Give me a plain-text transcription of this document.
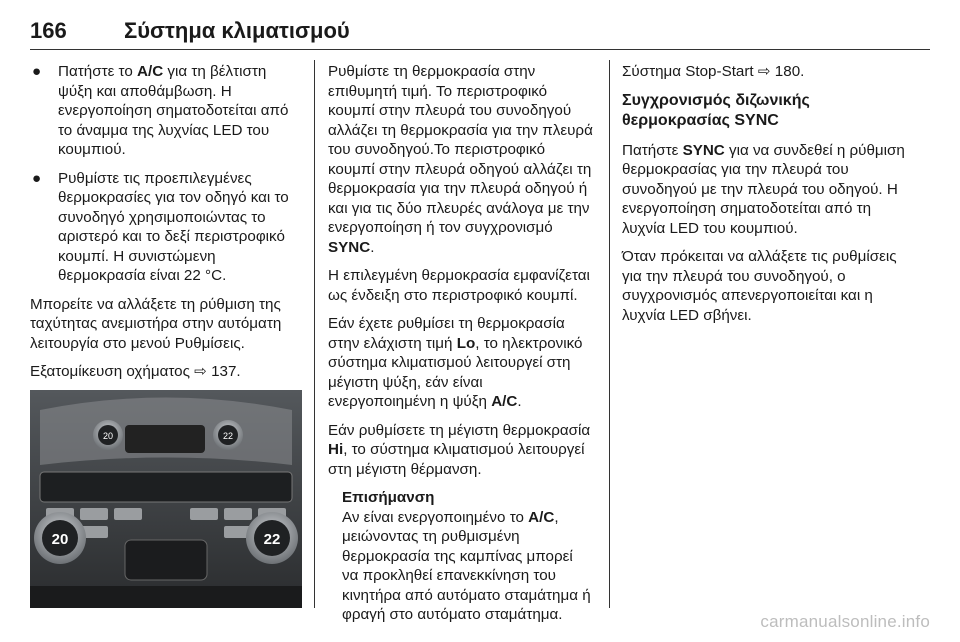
166	Σύστημα κλιματισμού
● Πατήστε το A/C για τη βέλτιστη ψύξη και αποθάμβωση. Η ενεργοποίηση σηματοδοτείται από το άναμμα της λυχνίας LED του κουμπιού.
● Ρυθμίστε τις προεπιλεγμένες θερμοκρασίες για τον οδηγό και το συνοδηγό χρησιμοποιώντας το αριστερό και το δεξί περιστροφικό κουμπί. Η συνιστώμενη θερμοκρασία είναι 22 °C.

Μπορείτε να αλλάξετε τη ρύθμιση της ταχύτητας ανεμιστήρα στην αυτόματη λειτουργία στο μενού Ρυθμίσεις.

Εξατομίκευση οχήματος ⇨ 137.

20	22
20	22

Ρυθμίστε τη θερμοκρασία στην επιθυμητή τιμή. Το περιστροφικό κουμπί στην πλευρά του συνοδηγού αλλάζει τη θερμοκρασία για την πλευρά του συνοδηγού.Το περιστροφικό κουμπί στην πλευρά οδηγού αλλάζει τη θερμοκρασία για την πλευρά οδηγού ή και για τις δύο πλευρές ανάλογα με την ενεργοποίηση ή τον συγχρονισμό SYNC.

Η επιλεγμένη θερμοκρασία εμφανίζεται ως ένδειξη στο περιστροφικό κουμπί.

Εάν έχετε ρυθμίσει τη θερμοκρασία στην ελάχιστη τιμή Lo, το ηλεκτρονικό σύστημα κλιματισμού λειτουργεί στη μέγιστη ψύξη, εάν είναι ενεργοποιημένη η ψύξη A/C.

Εάν ρυθμίσετε τη μέγιστη θερμοκρασία Hi, το σύστημα κλιματισμού λειτουργεί στη μέγιστη θέρμανση.

Επισήμανση
Αν είναι ενεργοποιημένο το A/C, μειώνοντας τη ρυθμισμένη θερμοκρασία της καμπίνας μπορεί να προκληθεί επανεκκίνηση του κινητήρα από αυτόματο σταμάτημα ή φραγή στο αυτόματο σταμάτημα.

Σύστημα Stop-Start ⇨ 180.

Συγχρονισμός διζωνικής θερμοκρασίας SYNC

Πατήστε SYNC για να συνδεθεί η ρύθμιση θερμοκρασίας για την πλευρά του συνοδηγού με την πλευρά του οδηγού. Η ενεργοποίηση σηματοδοτείται από τη λυχνία LED του κουμπιού.

Όταν πρόκειται να αλλάξετε τις ρυθμίσεις για την πλευρά του συνοδηγού, ο συγχρονισμός απενεργοποιείται και η λυχνία LED σβήνει.

carmanualsonline.info
